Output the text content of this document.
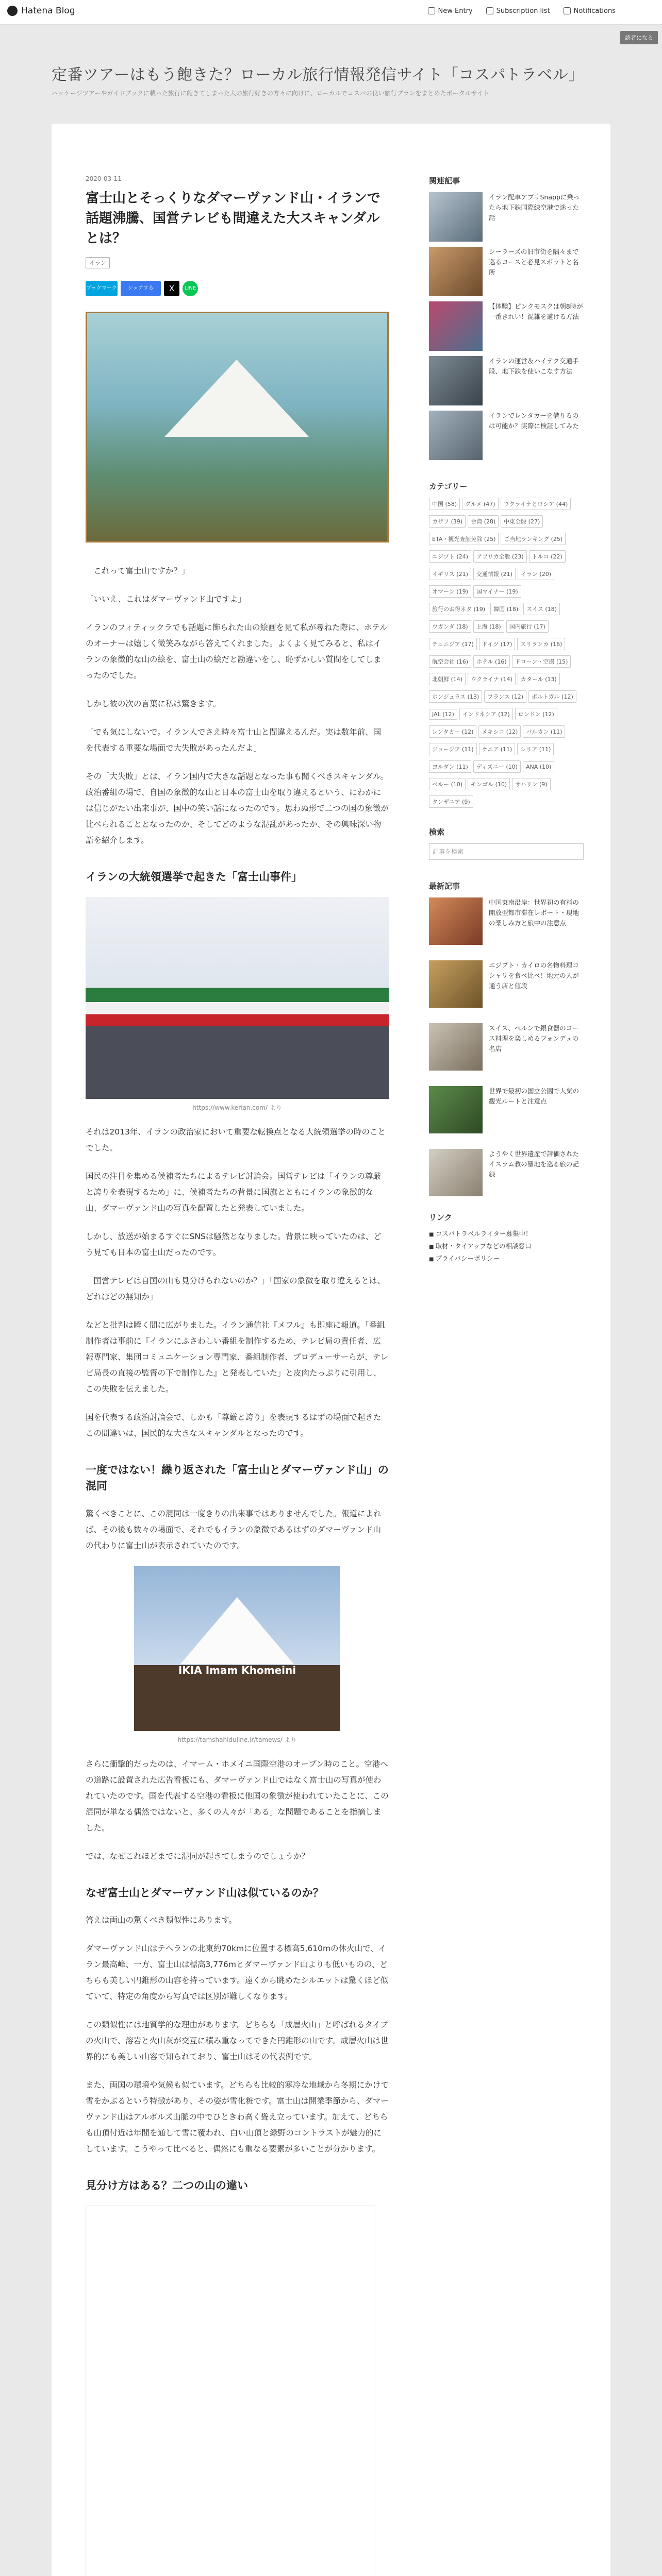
Hatena Blog	New Entry	Subscription list	Notifications
読者になる
定番ツアーはもう飽きた？ローカル旅行情報発信サイト「コスパトラベル」
パッケージツアーやガイドブックに載った旅行に飽きてしまった大の旅行好きの方々に向けに、ローカルでコスパの良い旅行プランをまとめたポータルサイト
2020-03-11
富士山とそっくりなダマーヴァンド山・イランで話題沸騰、国営テレビも間違えた大スキャンダルとは？
イラン
ブックマーク	シェアする	X	LINE

「これって富士山ですか？」

「いいえ、これはダマーヴァンド山ですよ」

イランのフィティックラでも話題に飾られた山の絵画を見て私が尋ねた際に、ホテルのオーナーは嬉しく微笑みながら答えてくれました。よくよく見てみると、私はイランの象徴的な山の絵を、富士山の絵だと勘違いをし、恥ずかしい質問をしてしまったのでした。

しかし彼の次の言葉に私は驚きます。

「でも気にしないで。イラン人でさえ時々富士山と間違えるんだ。実は数年前、国を代表する重要な場面で大失敗があったんだよ」

その「大失敗」とは、イラン国内で大きな話題となった事も聞くべきスキャンダル。政治番組の場で、自国の象徴的な山と日本の富士山を取り違えるという、にわかには信じがたい出来事が、国中の笑い話になったのです。思わぬ形で二つの国の象徴が比べられることとなったのか、そしてどのような混乱があったか、その興味深い物語を紹介します。

イランの大統領選挙で起きた「富士山事件」
https://www.kerian.com/ より

それは2013年、イランの政治家において重要な転換点となる大統領選挙の時のことでした。

国民の注目を集める候補者たちによるテレビ討論会。国営テレビは「イランの尊厳と誇りを表現するため」に、候補者たちの背景に国旗とともにイランの象徴的な山、ダマーヴァンド山の写真を配置したと発表していました。

しかし、放送が始まるすぐにSNSは騒然となりました。背景に映っていたのは、どう見ても日本の富士山だったのです。

「国営テレビは自国の山も見分けられないのか？」「国家の象徴を取り違えるとは、どれほどの無知か」

などと批判は瞬く間に広がりました。イラン通信社『メフル』も即座に報道。「番組制作者は事前に『イランにふさわしい番組を制作するため、テレビ局の責任者、広報専門家、集団コミュニケーション専門家、番組制作者、プロデューサーらが、テレビ局長の直接の監督の下で制作した』と発表していた」と皮肉たっぷりに引用し、この失敗を伝えました。

国を代表する政治討論会で、しかも「尊厳と誇り」を表現するはずの場面で起きたこの間違いは、国民的な大きなスキャンダルとなったのです。

一度ではない！繰り返された「富士山とダマーヴァンド山」の混同

驚くべきことに、この混同は一度きりの出来事ではありませんでした。報道によれば、その後も数々の場面で、それでもイランの象徴であるはずのダマーヴァンド山の代わりに富士山が表示されていたのです。

IKIA Imam Khomeini
https://tamshahiduline.ir/tamews/ より

さらに衝撃的だったのは、イマーム・ホメイニ国際空港のオープン時のこと。空港への道路に設置された広告看板にも、ダマーヴァンド山ではなく富士山の写真が使われていたのです。国を代表する空港の看板に他国の象徴が使われていたことに、この混同が単なる偶然ではないと、多くの人々が「ある」な問題であることを指摘しました。

では、なぜこれほどまでに混同が起きてしまうのでしょうか？

なぜ富士山とダマーヴァンド山は似ているのか？

答えは両山の驚くべき類似性にあります。

ダマーヴァンド山はテヘランの北東約70kmに位置する標高5,610mの休火山で、イラン最高峰、一方、富士山は標高3,776mとダマーヴァンド山よりも低いものの、どちらも美しい円錐形の山容を持っています。遠くから眺めたシルエットは驚くほど似ていて、特定の角度から写真では区別が難しくなります。

この類似性には地質学的な理由があります。どちらも「成層火山」と呼ばれるタイプの火山で、溶岩と火山灰が交互に積み重なってできた円錐形の山です。成層火山は世界的にも美しい山容で知られており、富士山はその代表例です。

また、両国の環境や気候も似ています。どちらも比較的寒冷な地域から冬期にかけて雪をかぶるという特徴があり、その姿が雪化粧です。富士山は開業季節から、ダマーヴァンド山はアルボルズ山脈の中でひときわ高く聳え立っています。加えて、どちらも山頂付近は年間を通して雪に覆われ、白い山頂と緑野のコントラストが魅力的にしています。こうやって比べると、偶然にも重なる要素が多いことが分かります。

見分け方はある？二つの山の違い
関連記事
イラン配車アプリSnappに乗ったら地下鉄国際線空港で迷った話
シーラーズの旧市街を隅々まで巡るコースと必見スポットと名所
【体験】ピンクモスクは朝8時が一番きれい！混雑を避ける方法
イランの運営＆ハイテク交通手段、地下鉄を使いこなす方法
イランでレンタカーを借りるのは可能か？実際に検証してみた
カテゴリー
中国 (58) グルメ (47) ウクライナとロシア (44)カザフ (39) 台湾 (28) 中東全般 (27)ETA・観光査証免除 (25) ご当地ランキング (25)エジプト (24) アフリカ全般 (23) トルコ (22)イギリス (21) 交通情報 (21) イラン (20)オマーン (19) 国マイナー (19)旅行のお得ネタ (19) 韓国 (18) スイス (18)ウガンダ (18) 上海 (18) 国内旅行 (17)チュニジア (17) ドイツ (17) スリランカ (16)航空会社 (16) ホテル (16) ドローン・空撮 (15)北朝鮮 (14) ウクライナ (14) カタール (13)ホンジュラス (13) フランス (12) ポルトガル (12)JAL (12) インドネシア (12) ロンドン (12)レンタカー (12) メキシコ (12) バルカン (11)ジョージア (11) ケニア (11) シリア (11)ヨルダン (11) ディズニー (10) ANA (10)ペルー (10) モンゴル (10) サハリン (9)タンザニア (9)
検索
記事を検索
最新記事
中国東南沿岸：世界初の有料の開放型都市滞在レポート・現地の楽しみ方と旅中の注意点
エジプト・カイロの名物料理コシャリを食べ比べ！地元の人が通う店と値段
スイス、ベルンで銀食器のコース料理を楽しめるフォンデュの名店
世界で最初の国立公園で人気の観光ルートと注意点
ようやく世界遺産で評価されたイスラム教の聖地を巡る旅の記録
リンク
■ コスパトラベルライター募集中！
■ 取材・タイアップなどの相談窓口
■ プライバシーポリシー
